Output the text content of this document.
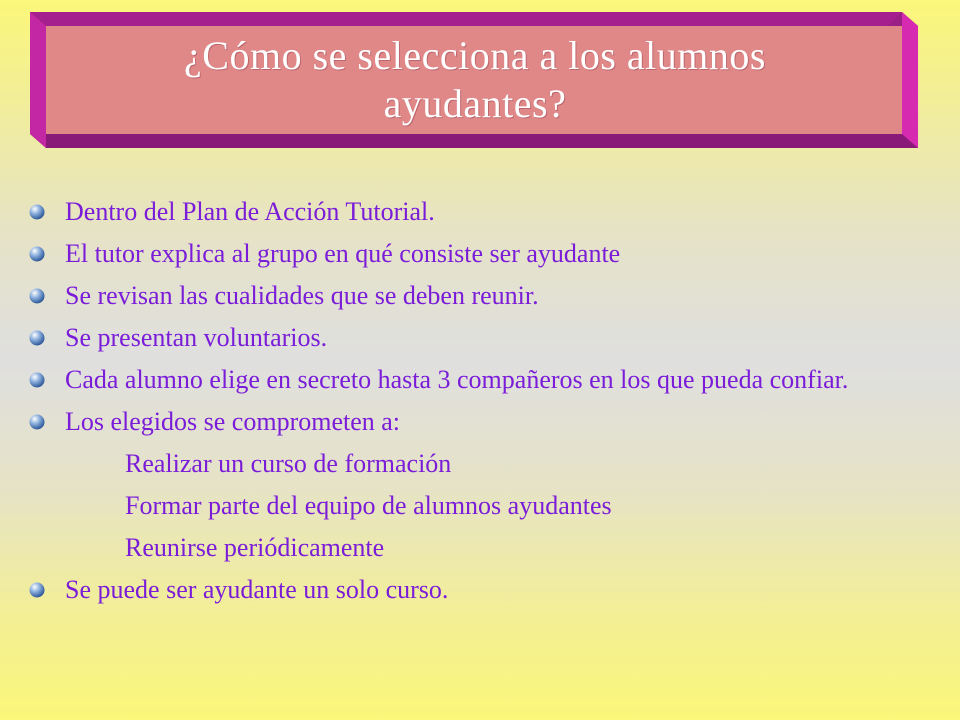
¿Cómo se selecciona a los alumnos
ayudantes?
Dentro del Plan de Acción Tutorial.
El tutor explica al grupo en qué consiste ser ayudante
Se revisan las cualidades que se deben reunir.
Se presentan voluntarios.
Cada alumno elige en secreto hasta 3 compañeros en los que pueda confiar.
Los elegidos se comprometen a:
Realizar un curso de formación
Formar parte del equipo de alumnos ayudantes
Reunirse periódicamente
Se puede ser ayudante un solo curso.
